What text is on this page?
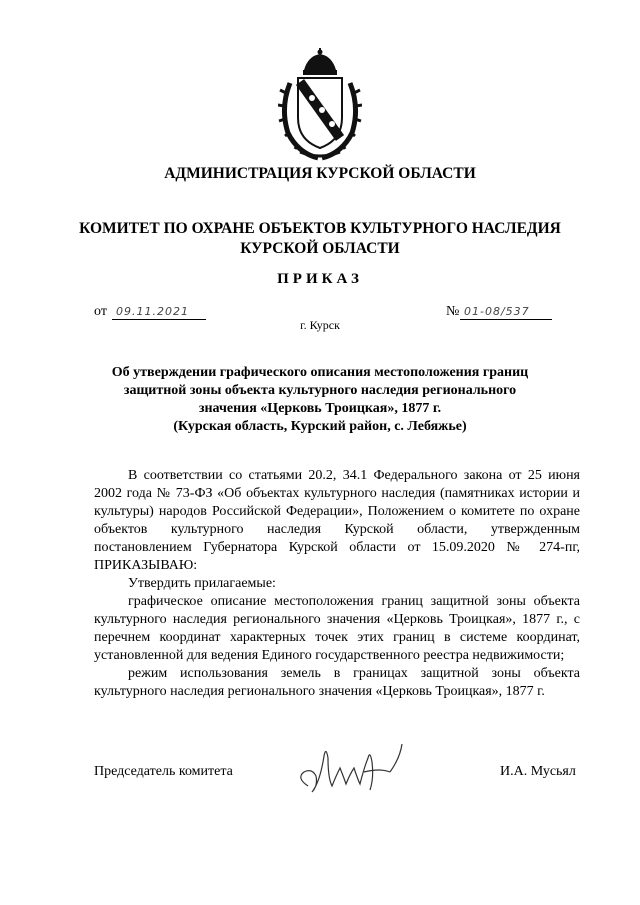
АДМИНИСТРАЦИЯ КУРСКОЙ ОБЛАСТИ
КОМИТЕТ ПО ОХРАНЕ ОБЪЕКТОВ КУЛЬТУРНОГО НАСЛЕДИЯ
КУРСКОЙ ОБЛАСТИ
ПРИКАЗ
от 09.11.2021	№ 01-08/537
г. Курск
Об утверждении графического описания местоположения границ
защитной зоны объекта культурного наследия регионального
значения «Церковь Троицкая», 1877 г.
(Курская область, Курский район, с. Лебяжье)

В соответствии со статьями 20.2, 34.1 Федерального закона от 25 июня 2002 года № 73-ФЗ «Об объектах культурного наследия (памятниках истории и культуры) народов Российской Федерации», Положением о комитете по охране объектов культурного наследия Курской области, утвержденным постановлением Губернатора Курской области от 15.09.2020 № 274-пг, ПРИКАЗЫВАЮ:

Утвердить прилагаемые:

графическое описание местоположения границ защитной зоны объекта культурного наследия регионального значения «Церковь Троицкая», 1877 г., с перечнем координат характерных точек этих границ в системе координат, установленной для ведения Единого государственного реестра недвижимости;

режим использования земель в границах защитной зоны объекта культурного наследия регионального значения «Церковь Троицкая», 1877 г.

Председатель комитета	И.А. Мусьял
